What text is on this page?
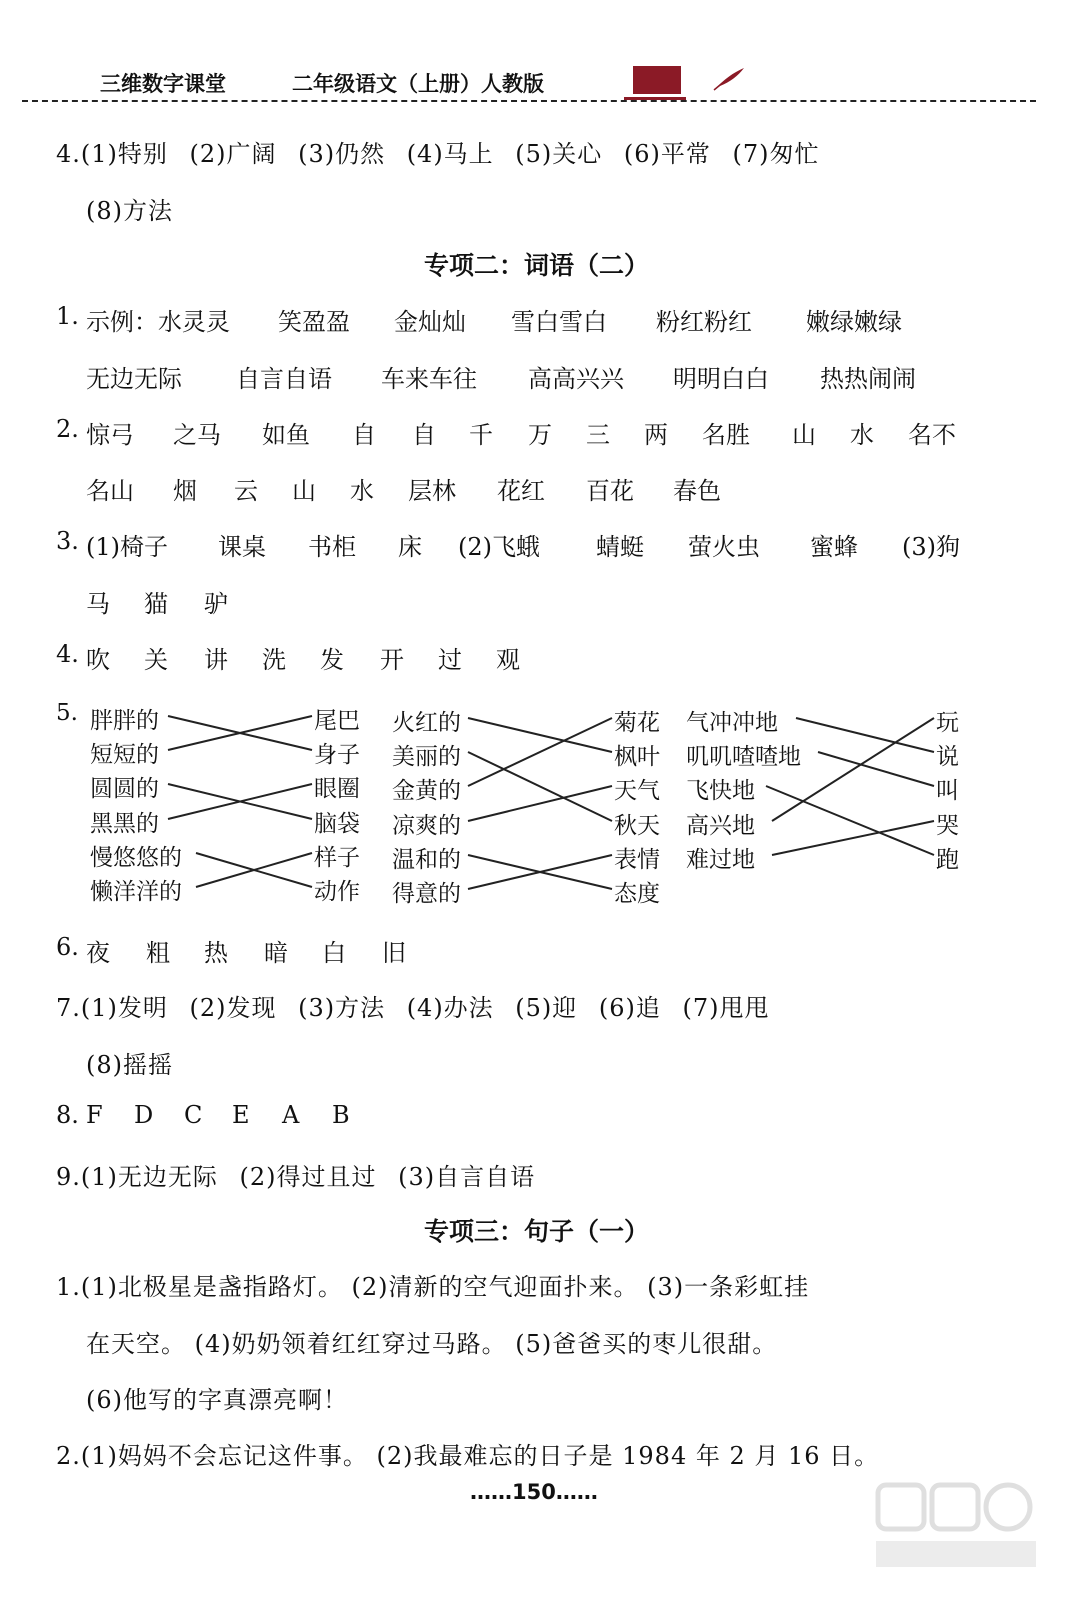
三维数字课堂	二年级语文（上册）人教版
4.(1)特别 (2)广阔 (3)仍然 (4)马上 (5)关心 (6)平常 (7)匆忙
(8)方法
专项二：词语（二）
1. 示例：水灵灵 笑盈盈 金灿灿 雪白雪白 粉红粉红 嫩绿嫩绿
无边无际 自言自语 车来车往 高高兴兴 明明白白 热热闹闹
2. 惊弓 之马 如鱼 自 自 千 万 三 两 名胜 山 水 名不
名山 烟 云 山 水 层林 花红 百花 春色
3. (1)椅子 课桌 书柜 床 (2)飞蛾 蜻蜓 萤火虫 蜜蜂 (3)狗
马 猫 驴
4. 吹 关 讲 洗 发 开 过 观
5. 胖胖的
短短的
圆圆的
黑黑的
慢悠悠的
懒洋洋的
尾巴
身子
眼圈
脑袋
样子
动作
火红的
美丽的
金黄的
凉爽的
温和的
得意的
菊花
枫叶
天气
秋天
表情
态度
气冲冲地
叽叽喳喳地
飞快地
高兴地
难过地
玩
说
叫
哭
跑
6. 夜 粗 热 暗 白 旧
7.(1)发明 (2)发现 (3)方法 (4)办法 (5)迎 (6)追 (7)甩甩
(8)摇摇
8. F D C E A B
9.(1)无边无际 (2)得过且过 (3)自言自语
专项三：句子（一）
1.(1)北极星是盏指路灯。 (2)清新的空气迎面扑来。 (3)一条彩虹挂
在天空。 (4)奶奶领着红红穿过马路。 (5)爸爸买的枣儿很甜。
(6)他写的字真漂亮啊！
2.(1)妈妈不会忘记这件事。 (2)我最难忘的日子是 1984 年 2 月 16 日。
……150……
